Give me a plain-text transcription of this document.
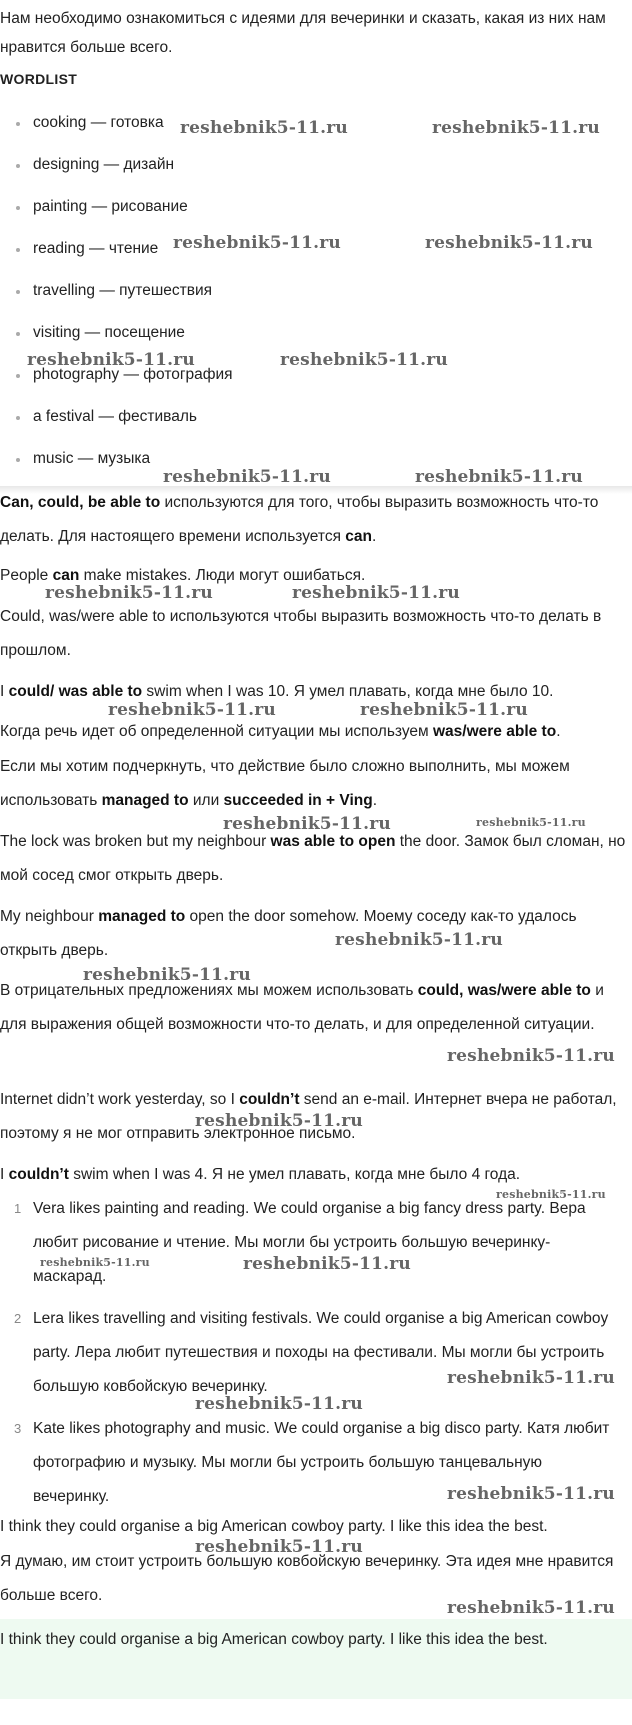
Нам необходимо ознакомиться с идеями для вечеринки и сказать, какая из них нам нравится больше всего.

WORDLIST
cooking — готовка
designing — дизайн
painting — рисование
reading — чтение
travelling — путешествия
visiting — посещение
photography — фотография
a festival — фестиваль
music — музыка

Can, could, be able to используются для того, чтобы выразить возможность что-то делать. Для настоящего времени используется can.

People can make mistakes. Люди могут ошибаться.

Could, was/were able to используются чтобы выразить возможность что-то делать в прошлом.

I could/ was able to swim when I was 10. Я умел плавать, когда мне было 10.

Когда речь идет об определенной ситуации мы используем was/were able to.

Если мы хотим подчеркнуть, что действие было сложно выполнить, мы можем использовать managed to или succeeded in + Ving.

The lock was broken but my neighbour was able to open the door. Замок был сломан, но мой сосед смог открыть дверь.

My neighbour managed to open the door somehow. Моему соседу как-то удалось открыть дверь.

В отрицательных предложениях мы можем использовать could, was/were able to и для выражения общей возможности что-то делать, и для определенной ситуации.

Internet didn’t work yesterday, so I couldn’t send an e-mail. Интернет вчера не работал, поэтому я не мог отправить электронное письмо.

I couldn’t swim when I was 4. Я не умел плавать, когда мне было 4 года.

1 Vera likes painting and reading. We could organise a big fancy dress party. Вера любит рисование и чтение. Мы могли бы устроить большую вечеринку-маскарад.
2 Lera likes travelling and visiting festivals. We could organise a big American cowboy party. Лера любит путешествия и походы на фестивали. Мы могли бы устроить большую ковбойскую вечеринку.
3 Kate likes photography and music. We could organise a big disco party. Катя любит фотографию и музыку. Мы могли бы устроить большую танцевальную вечеринку.

I think they could organise a big American cowboy party. I like this idea the best.

Я думаю, им стоит устроить большую ковбойскую вечеринку. Эта идея мне нравится больше всего.

I think they could organise a big American cowboy party. I like this idea the best.

reshebnik5-11.ru	reshebnik5-11.ru
reshebnik5-11.ru	reshebnik5-11.ru
reshebnik5-11.ru	reshebnik5-11.ru
reshebnik5-11.ru	reshebnik5-11.ru
reshebnik5-11.ru	reshebnik5-11.ru
reshebnik5-11.ru	reshebnik5-11.ru
reshebnik5-11.ru	reshebnik5-11.ru
reshebnik5-11.ru
reshebnik5-11.ru
reshebnik5-11.ru
reshebnik5-11.ru
reshebnik5-11.ru
reshebnik5-11.ru	reshebnik5-11.ru
reshebnik5-11.ru
reshebnik5-11.ru
reshebnik5-11.ru
reshebnik5-11.ru
reshebnik5-11.ru
